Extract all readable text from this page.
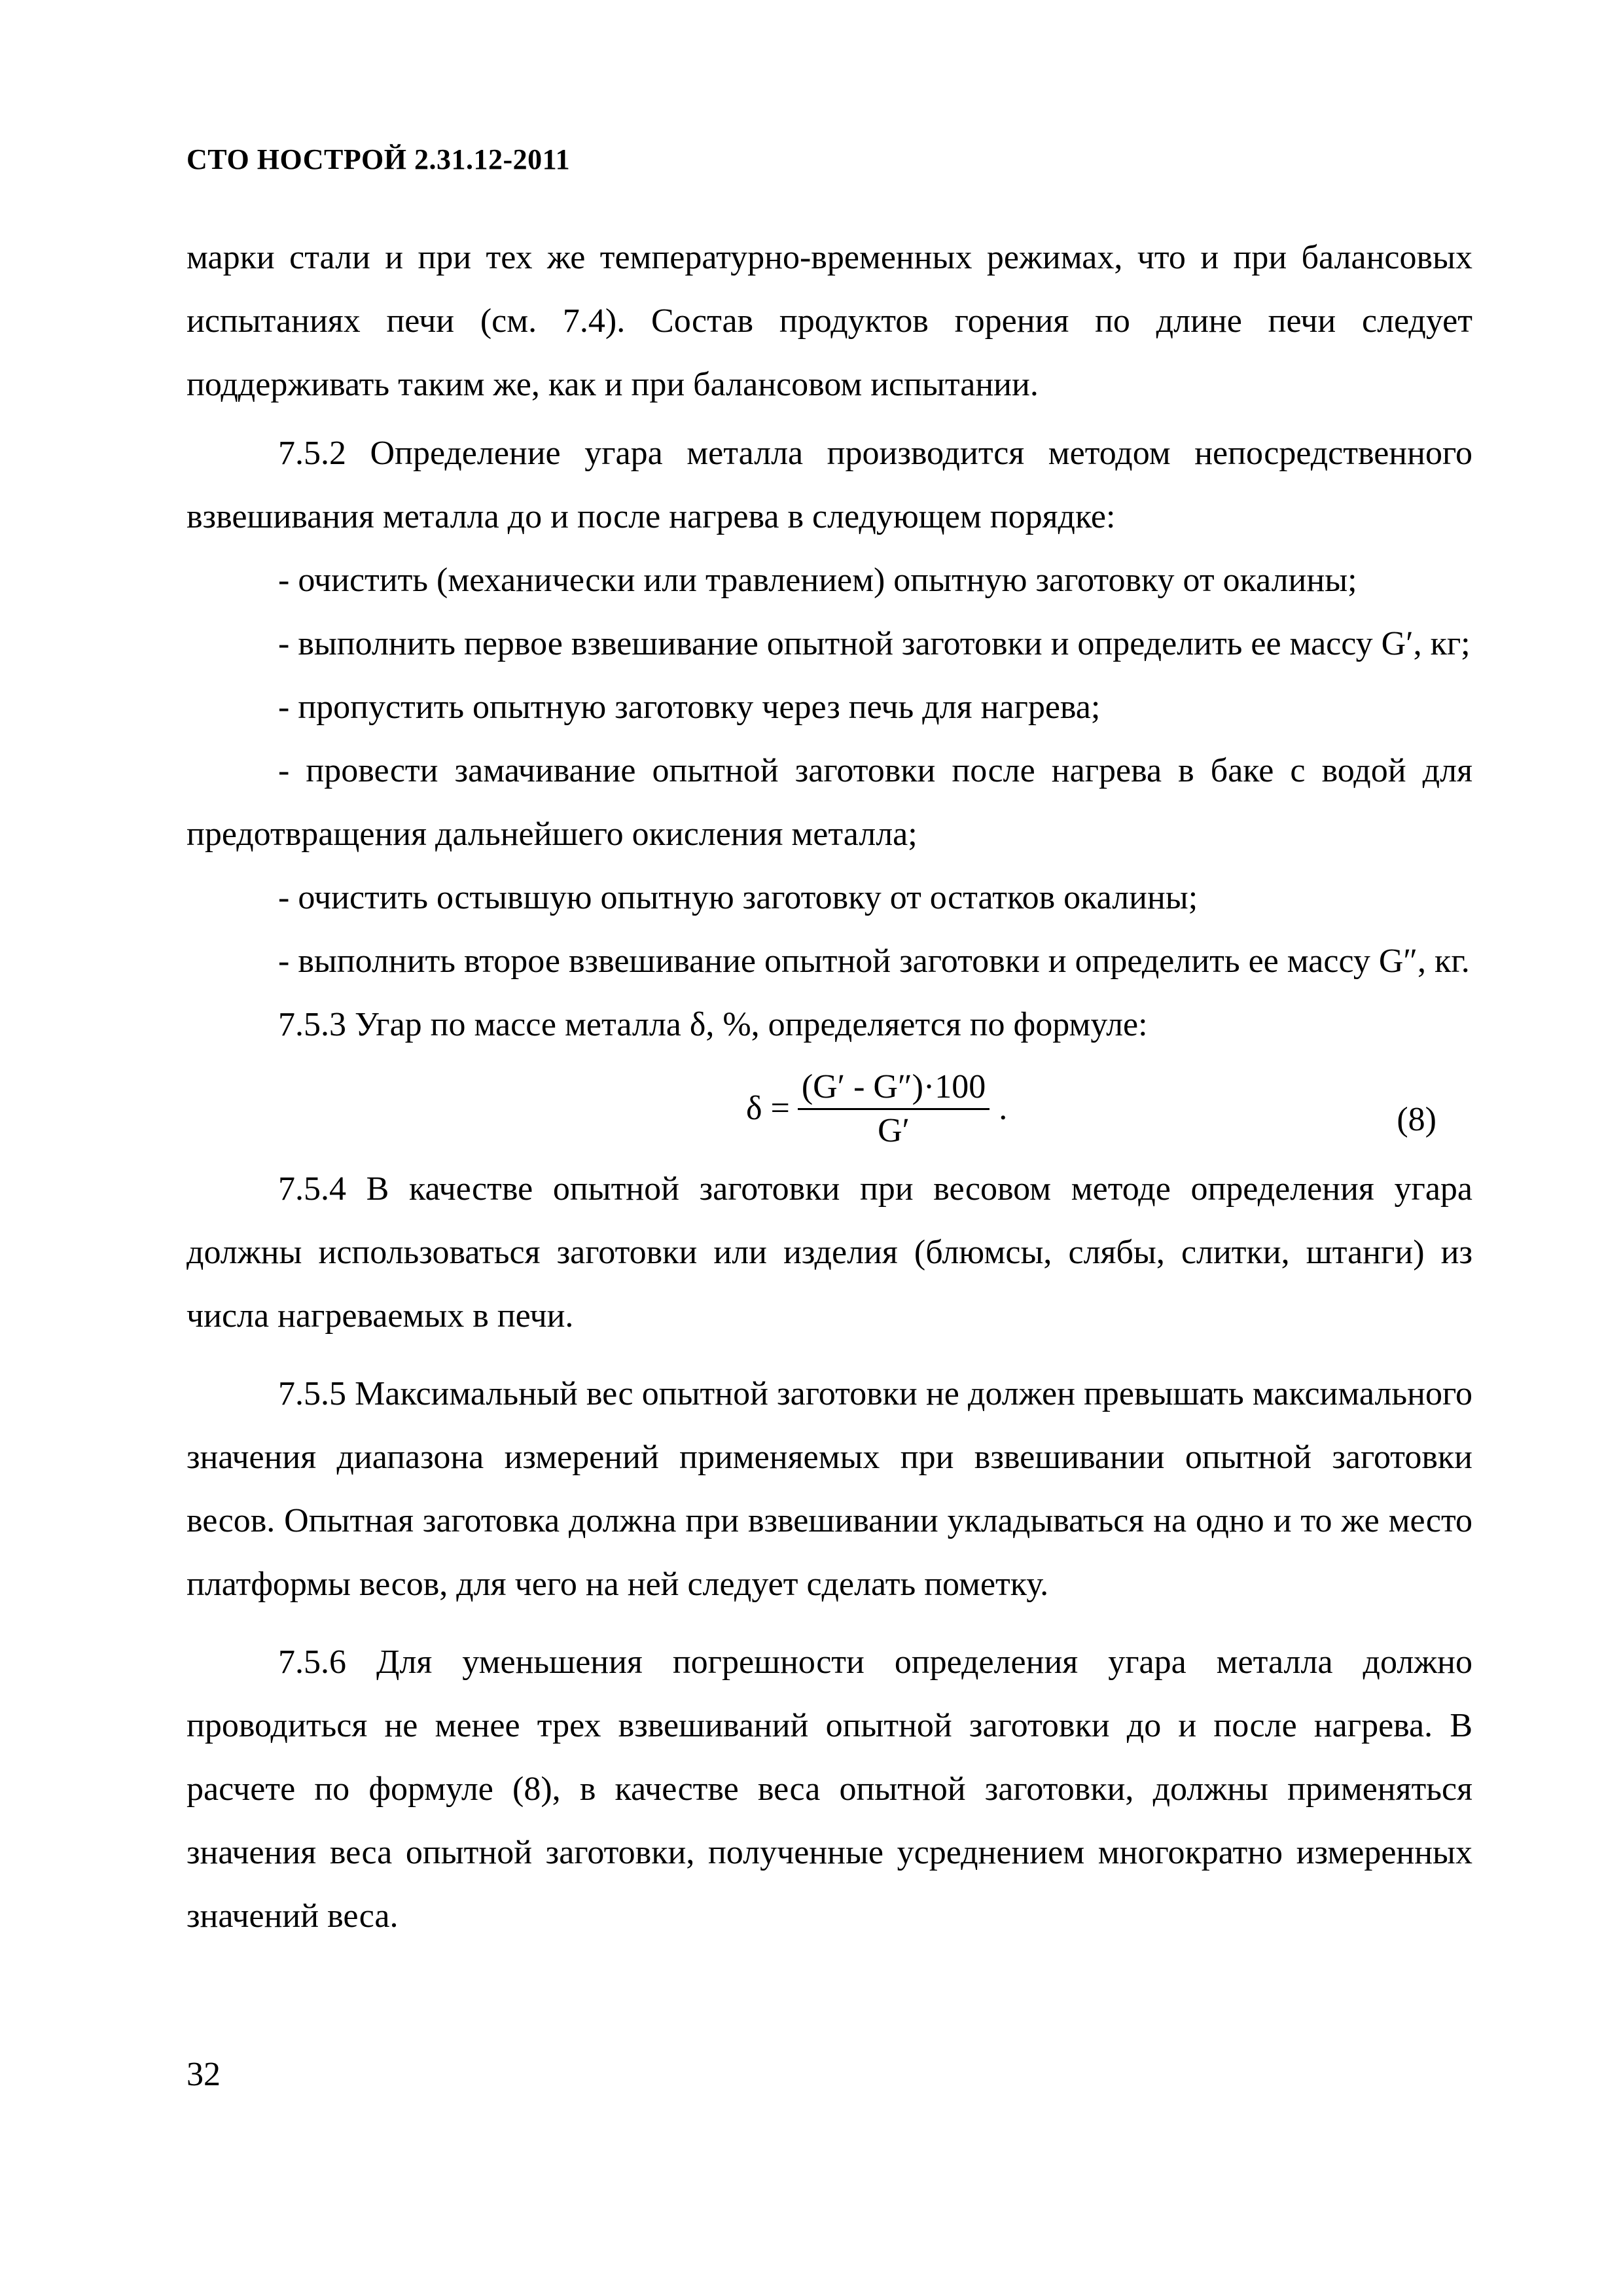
СТО НОСТРОЙ 2.31.12-2011

марки стали и при тех же температурно-временных режимах, что и при балансовых испытаниях печи (см. 7.4). Состав продуктов горения по длине печи следует поддерживать таким же, как и при балансовом испытании.

7.5.2 Определение угара металла производится методом непосредственного взвешивания металла до и после нагрева в следующем порядке:

- очистить (механически или травлением) опытную заготовку от окалины;

- выполнить первое взвешивание опытной заготовки и определить ее массу G′, кг;

- пропустить опытную заготовку через печь для нагрева;

- провести замачивание опытной заготовки после нагрева в баке с водой для предотвращения дальнейшего окисления металла;

- очистить остывшую опытную заготовку от остатков окалины;

- выполнить второе взвешивание опытной заготовки и определить ее массу G″, кг.

7.5.3 Угар по массе металла δ, %, определяется по формуле:

$\delta = \frac{(G' - G'')\cdot 100}{G'}$ .	(8)

7.5.4 В качестве опытной заготовки при весовом методе определения угара должны использоваться заготовки или изделия (блюмсы, слябы, слитки, штанги) из числа нагреваемых в печи.

7.5.5 Максимальный вес опытной заготовки не должен превышать максимального значения диапазона измерений применяемых при взвешивании опытной заготовки весов. Опытная заготовка должна при взвешивании укладываться на одно и то же место платформы весов, для чего на ней следует сделать пометку.

7.5.6 Для уменьшения погрешности определения угара металла должно проводиться не менее трех взвешиваний опытной заготовки до и после нагрева. В расчете по формуле (8), в качестве веса опытной заготовки, должны применяться значения веса опытной заготовки, полученные усреднением многократно измеренных значений веса.

32
